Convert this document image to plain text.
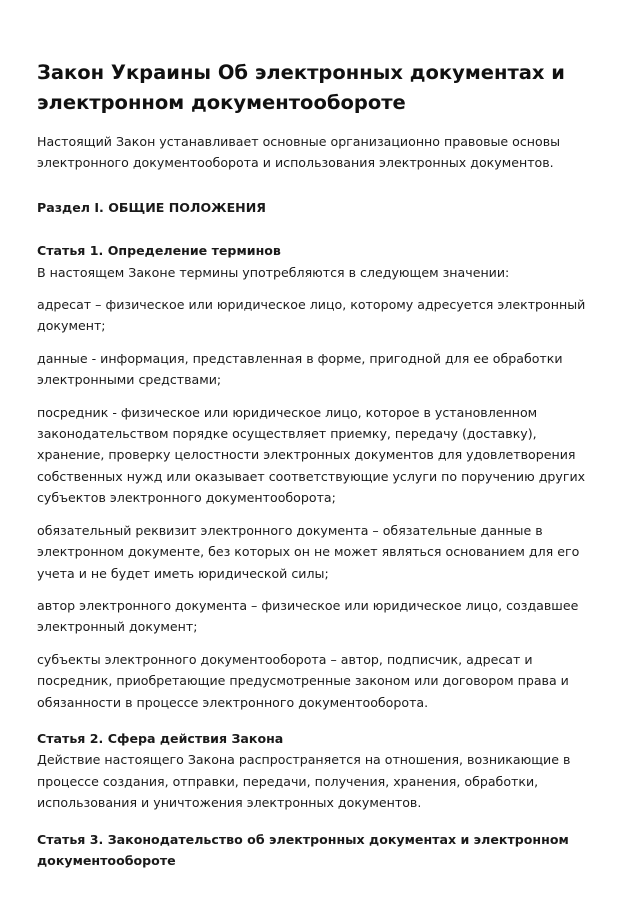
Закон Украины Об электронных документах и
электронном документообороте

Настоящий Закон устанавливает основные организационно правовые основы
электронного документооборота и использования электронных документов.

Раздел I. ОБЩИЕ ПОЛОЖЕНИЯ
Статья 1. Определение терминов

В настоящем Законе термины употребляются в следующем значении:

адресат – физическое или юридическое лицо, которому адресуется электронный
документ;

данные - информация, представленная в форме, пригодной для ее обработки
электронными средствами;

посредник - физическое или юридическое лицо, которое в установленном
законодательством порядке осуществляет приемку, передачу (доставку),
хранение, проверку целостности электронных документов для удовлетворения
собственных нужд или оказывает соответствующие услуги по поручению других
субъектов электронного документооборота;

обязательный реквизит электронного документа – обязательные данные в
электронном документе, без которых он не может являться основанием для его
учета и не будет иметь юридической силы;

автор электронного документа – физическое или юридическое лицо, создавшее
электронный документ;

субъекты электронного документооборота – автор, подписчик, адресат и
посредник, приобретающие предусмотренные законом или договором права и
обязанности в процессе электронного документооборота.

Статья 2. Сфера действия Закона
Действие настоящего Закона распространяется на отношения, возникающие в
процессе создания, отправки, передачи, получения, хранения, обработки,
использования и уничтожения электронных документов.
Статья 3. Законодательство об электронных документах и электронном
документообороте
